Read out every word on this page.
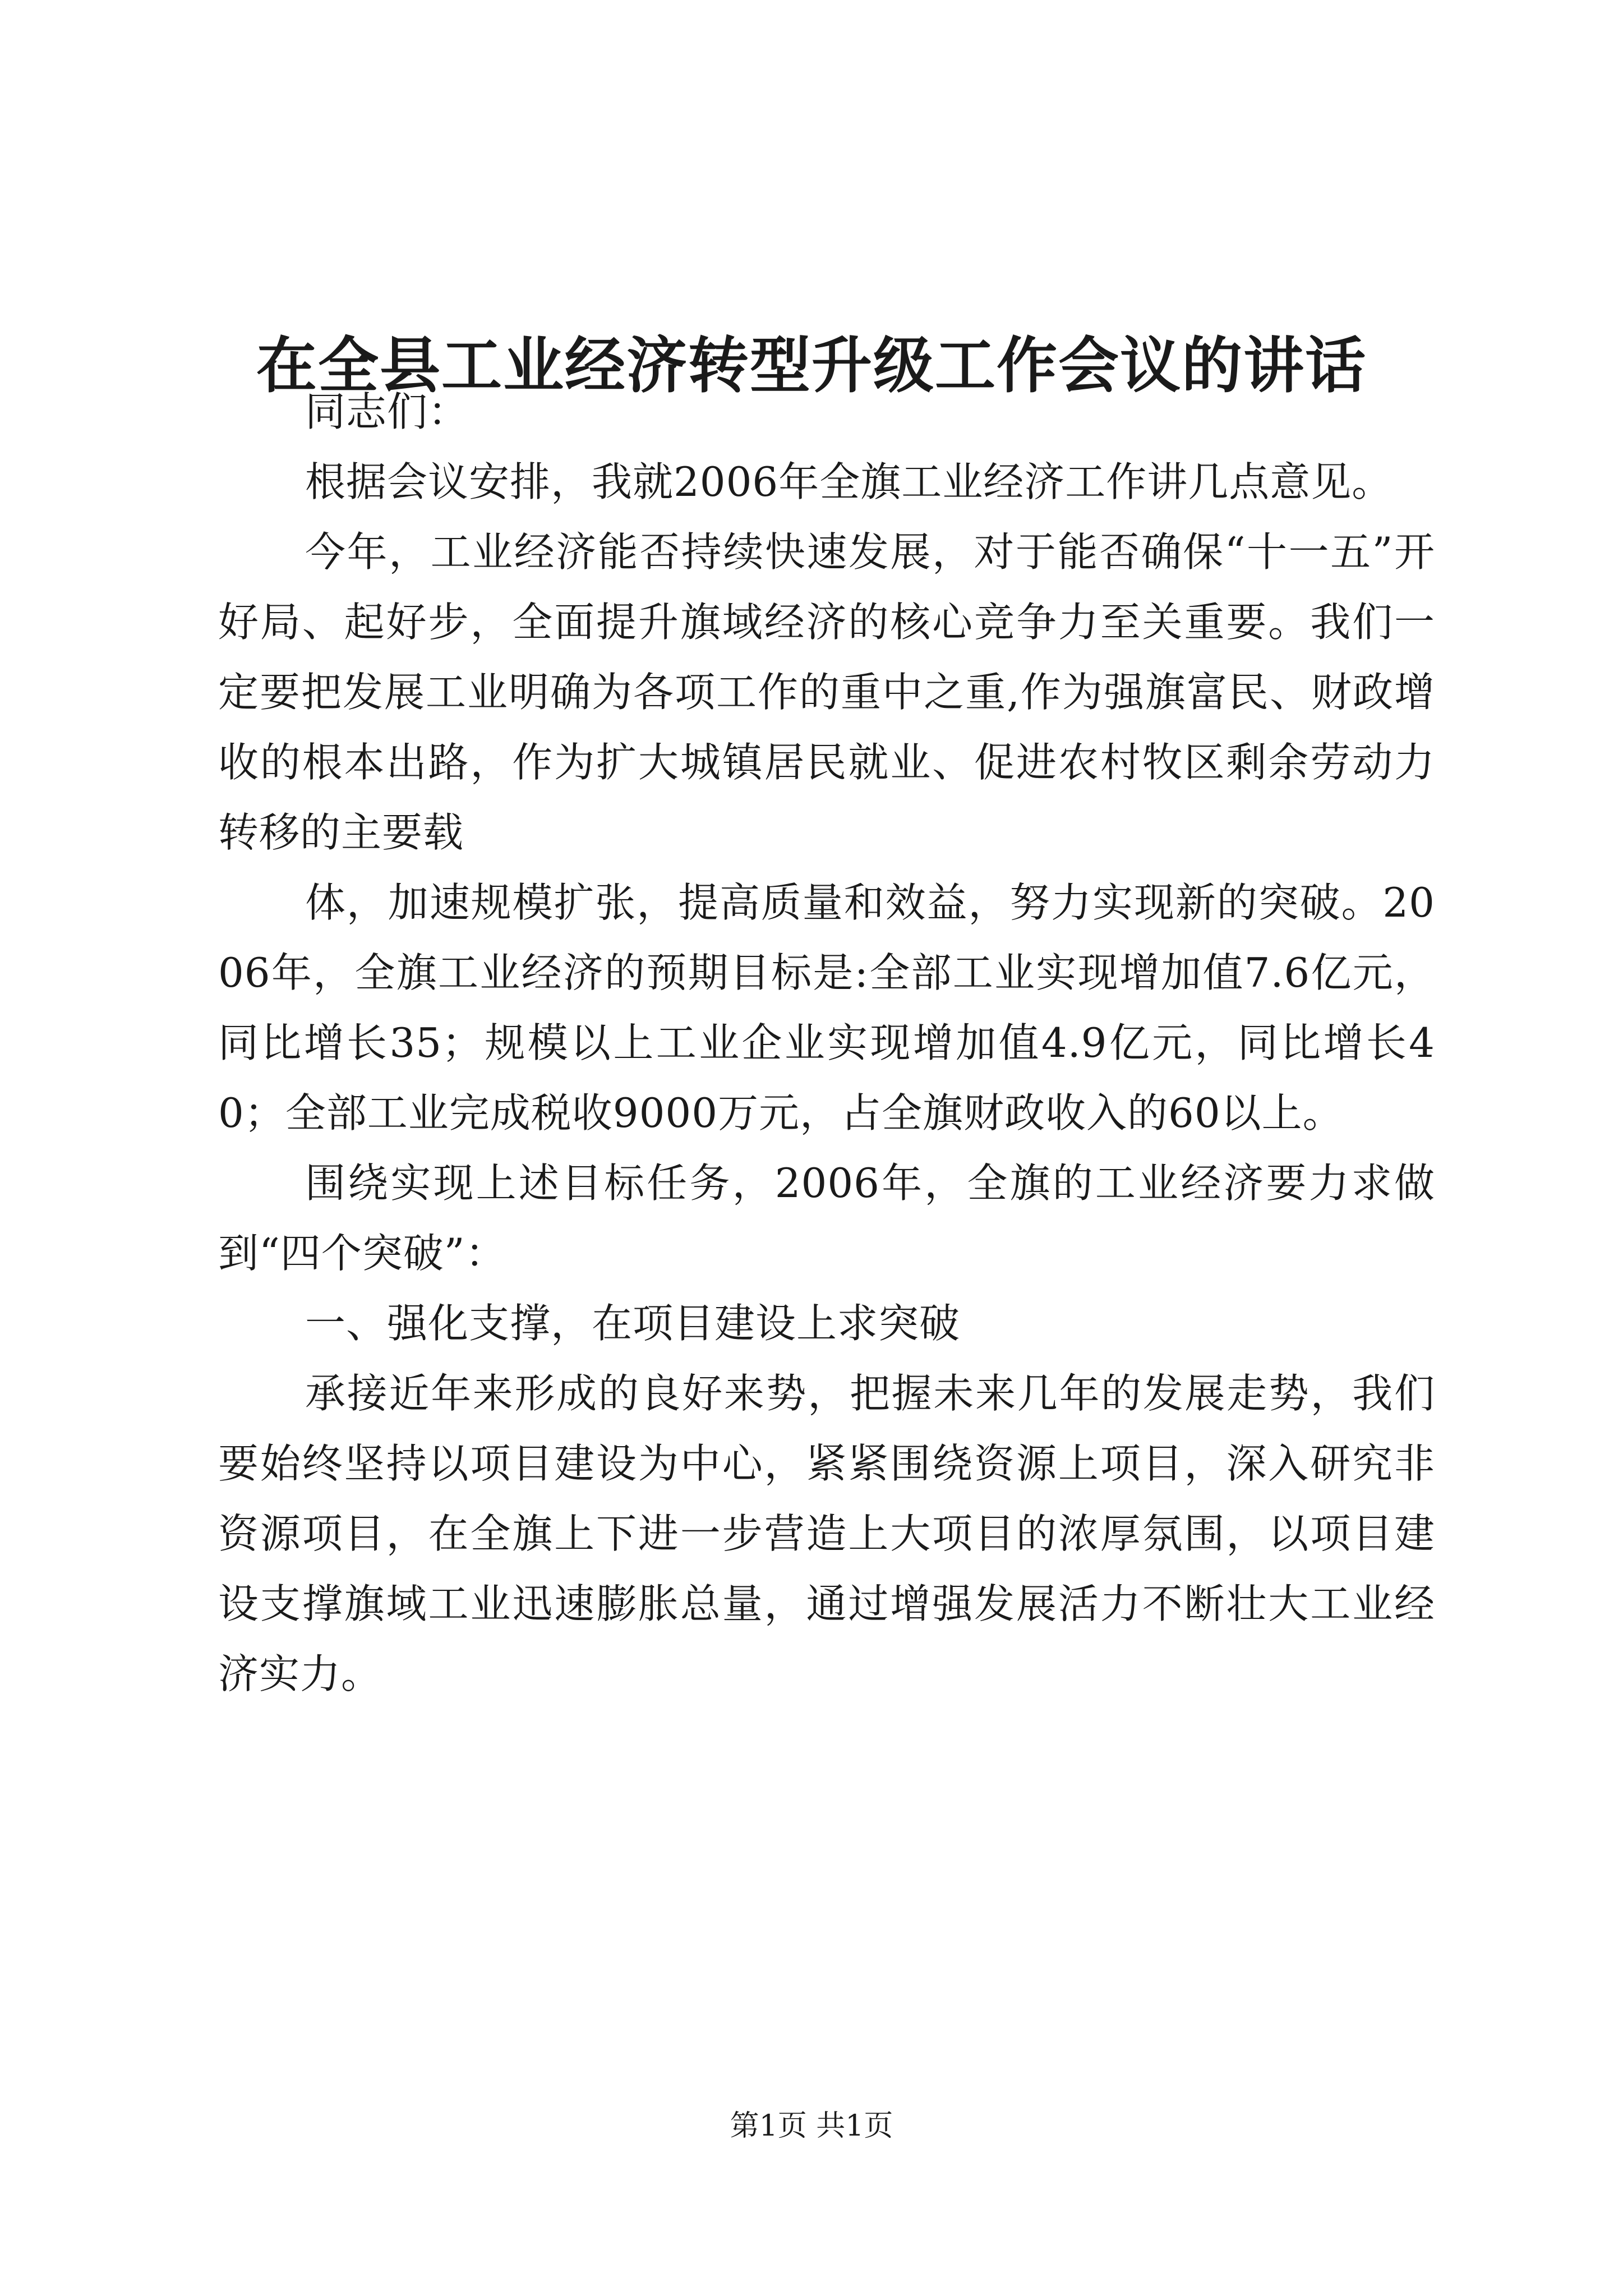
在全县工业经济转型升级工作会议的讲话

同志们：

根据会议安排，我就2006年全旗工业经济工作讲几点意见。

今年，工业经济能否持续快速发展，对于能否确保“十一五”开好局、起好步，全面提升旗域经济的核心竞争力至关重要。我们一定要把发展工业明确为各项工作的重中之重,作为强旗富民、财政增收的根本出路，作为扩大城镇居民就业、促进农村牧区剩余劳动力转移的主要载

体，加速规模扩张，提高质量和效益，努力实现新的突破。2006年，全旗工业经济的预期目标是:全部工业实现增加值7.6亿元，同比增长35；规模以上工业企业实现增加值4.9亿元，同比增长40；全部工业完成税收9000万元，占全旗财政收入的60以上。

围绕实现上述目标任务，2006年，全旗的工业经济要力求做到“四个突破”：

一、强化支撑，在项目建设上求突破

承接近年来形成的良好来势，把握未来几年的发展走势，我们要始终坚持以项目建设为中心，紧紧围绕资源上项目，深入研究非资源项目，在全旗上下进一步营造上大项目的浓厚氛围，以项目建设支撑旗域工业迅速膨胀总量，通过增强发展活力不断壮大工业经济实力。

第1页 共1页
